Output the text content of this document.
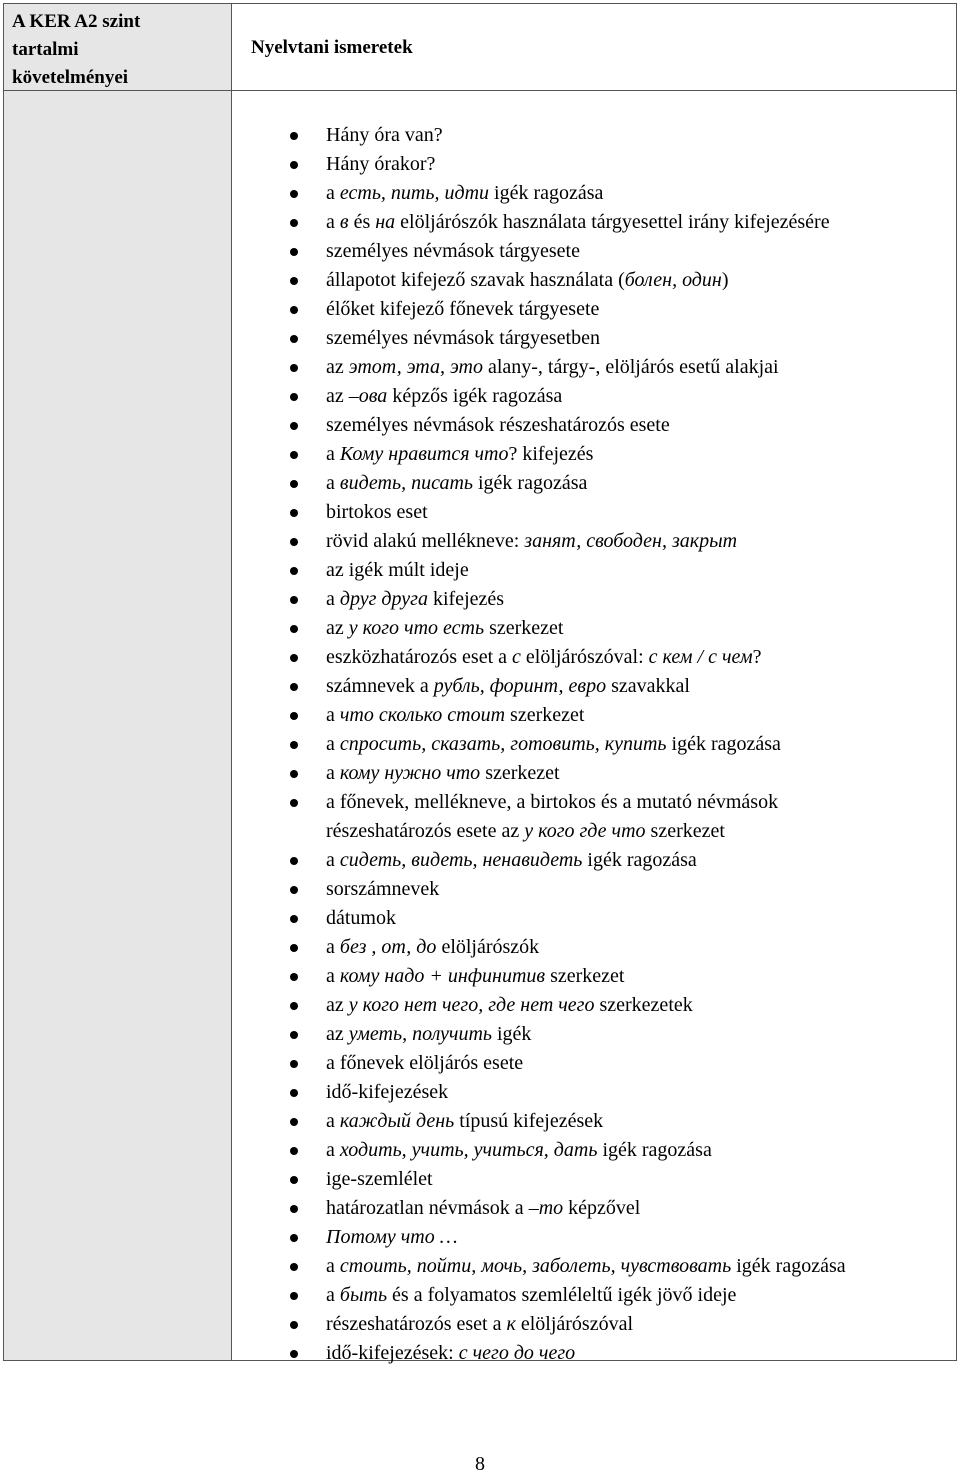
A KER A2 szint
tartalmi
követelményei
Nyelvtani ismeretek
Hány óra van?
Hány órakor?
a есть, пить, идти igék ragozása
a в és на elöljárószók használata tárgyesettel irány kifejezésére
személyes névmások tárgyesete
állapotot kifejező szavak használata (болен, один)
élőket kifejező főnevek tárgyesete
személyes névmások tárgyesetben
az этот, эта, это alany-, tárgy-, elöljárós esetű alakjai
az –ова képzős igék ragozása
személyes névmások részeshatározós esete
a Кому нравится что? kifejezés
a видеть, писать igék ragozása
birtokos eset
rövid alakú mellékneve: занят, свободен, закрыт
az igék múlt ideje
a друг друга kifejezés
az у кого что есть szerkezet
eszközhatározós eset a с elöljárószóval: с кем / с чем?
számnevek a рубль, форинт, евро szavakkal
a что сколько стоит szerkezet
a спросить, сказать, готовить, купить igék ragozása
a кому нужно что szerkezet
a főnevek, mellékneve, a birtokos és a mutató névmások
részeshatározós esete az у кого где что szerkezet
a сидеть, видеть, ненавидеть igék ragozása
sorszámnevek
dátumok
a без , от, до elöljárószók
a кому надо + инфинитив szerkezet
az у кого нет чего, где нет чего szerkezetek
az уметь, получить igék
a főnevek elöljárós esete
idő-kifejezések
a каждый день típusú kifejezések
a ходить, учить, учиться, дать igék ragozása
ige-szemlélet
határozatlan névmások a –то képzővel
Потому что …
a стоить, пойти, мочь, заболеть, чувствовать igék ragozása
a быть és a folyamatos szemléleltű igék jövő ideje
részeshatározós eset a к elöljárószóval
idő-kifejezések: с чего до чего
8
